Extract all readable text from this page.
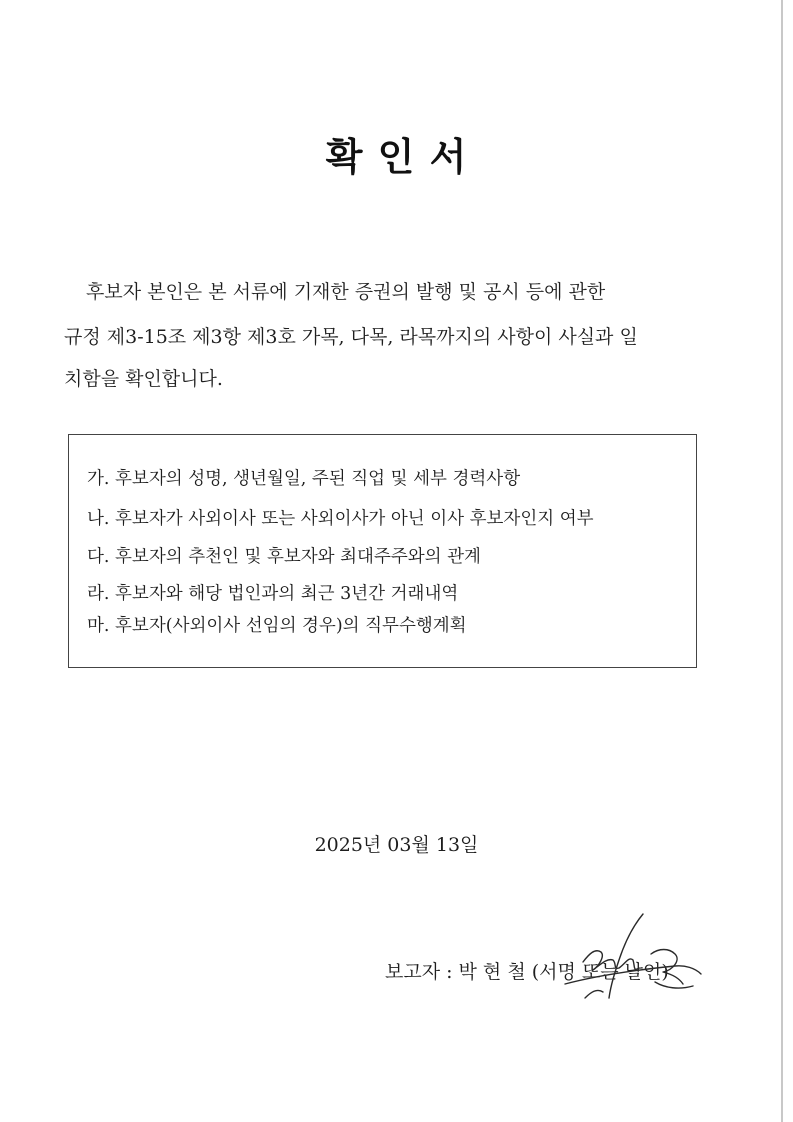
확 인 서
후보자 본인은 본 서류에 기재한 증권의 발행 및 공시 등에 관한
규정 제3-15조 제3항 제3호 가목, 다목, 라목까지의 사항이 사실과 일
치함을 확인합니다.
가. 후보자의 성명, 생년월일, 주된 직업 및 세부 경력사항
나. 후보자가 사외이사 또는 사외이사가 아닌 이사 후보자인지 여부
다. 후보자의 추천인 및 후보자와 최대주주와의 관계
라. 후보자와 해당 법인과의 최근 3년간 거래내역
마. 후보자(사외이사 선임의 경우)의 직무수행계획
2025년 03월 13일
보고자 : 박 현 철 (서명 또는 날인)
